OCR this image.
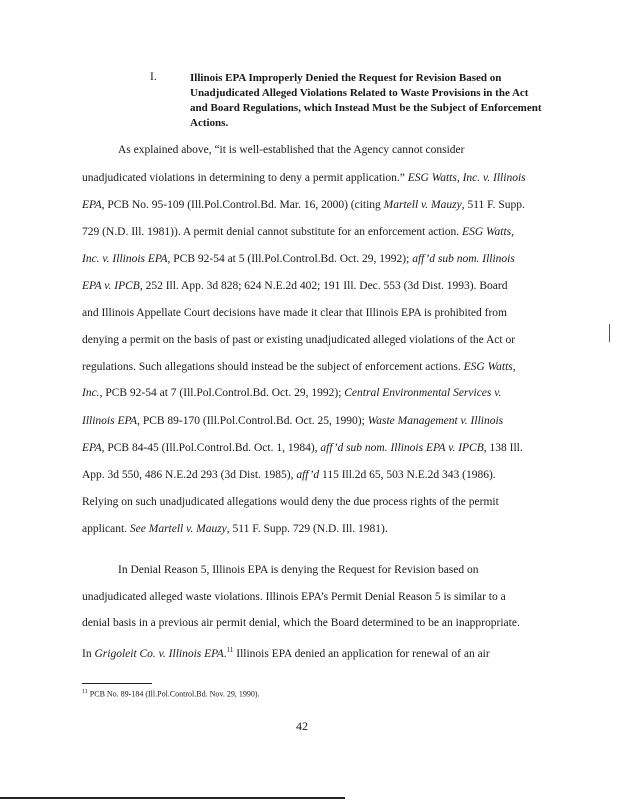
I.	Illinois EPA Improperly Denied the Request for Revision Based on Unadjudicated Alleged Violations Related to Waste Provisions in the Act and Board Regulations, which Instead Must be the Subject of Enforcement Actions.
As explained above, “it is well-established that the Agency cannot consider
unadjudicated violations in determining to deny a permit application.” ESG Watts, Inc. v. Illinois
EPA, PCB No. 95-109 (Ill.Pol.Control.Bd. Mar. 16, 2000) (citing Martell v. Mauzy, 511 F. Supp.
729 (N.D. Ill. 1981)). A permit denial cannot substitute for an enforcement action. ESG Watts,
Inc. v. Illinois EPA, PCB 92-54 at 5 (Ill.Pol.Control.Bd. Oct. 29, 1992); aff’d sub nom. Illinois
EPA v. IPCB, 252 Ill. App. 3d 828; 624 N.E.2d 402; 191 Ill. Dec. 553 (3d Dist. 1993). Board
and Illinois Appellate Court decisions have made it clear that Illinois EPA is prohibited from
denying a permit on the basis of past or existing unadjudicated alleged violations of the Act or
regulations. Such allegations should instead be the subject of enforcement actions. ESG Watts,
Inc., PCB 92-54 at 7 (Ill.Pol.Control.Bd. Oct. 29, 1992); Central Environmental Services v.
Illinois EPA, PCB 89-170 (Ill.Pol.Control.Bd. Oct. 25, 1990); Waste Management v. Illinois
EPA, PCB 84-45 (Ill.Pol.Control.Bd. Oct. 1, 1984), aff’d sub nom. Illinois EPA v. IPCB, 138 Ill.
App. 3d 550, 486 N.E.2d 293 (3d Dist. 1985), aff’d 115 Ill.2d 65, 503 N.E.2d 343 (1986).
Relying on such unadjudicated allegations would deny the due process rights of the permit
applicant. See Martell v. Mauzy, 511 F. Supp. 729 (N.D. Ill. 1981).
In Denial Reason 5, Illinois EPA is denying the Request for Revision based on
unadjudicated alleged waste violations. Illinois EPA’s Permit Denial Reason 5 is similar to a
denial basis in a previous air permit denial, which the Board determined to be an inappropriate.
In Grigoleit Co. v. Illinois EPA.$^{11}$ Illinois EPA denied an application for renewal of an air
$^{11}$ PCB No. 89-184 (Ill.Pol.Control.Bd. Nov. 29, 1990).
42
